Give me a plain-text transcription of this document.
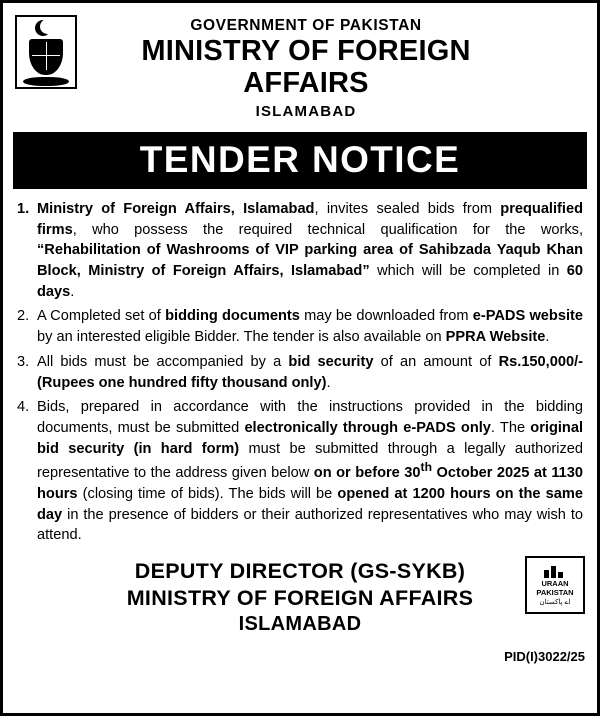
GOVERNMENT OF PAKISTAN
MINISTRY OF FOREIGN AFFAIRS
ISLAMABAD
TENDER NOTICE
1. Ministry of Foreign Affairs, Islamabad, invites sealed bids from prequalified firms, who possess the required technical qualification for the works, “Rehabilitation of Washrooms of VIP parking area of Sahibzada Yaqub Khan Block, Ministry of Foreign Affairs, Islamabad” which will be completed in 60 days.
2. A Completed set of bidding documents may be downloaded from e-PADS website by an interested eligible Bidder. The tender is also available on PPRA Website.
3. All bids must be accompanied by a bid security of an amount of Rs.150,000/- (Rupees one hundred fifty thousand only).
4. Bids, prepared in accordance with the instructions provided in the bidding documents, must be submitted electronically through e-PADS only. The original bid security (in hard form) must be submitted through a legally authorized representative to the address given below on or before 30th October 2025 at 1130 hours (closing time of bids). The bids will be opened at 1200 hours on the same day in the presence of bidders or their authorized representatives who may wish to attend.
DEPUTY DIRECTOR (GS-SYKB)
MINISTRY OF FOREIGN AFFAIRS
ISLAMABAD
URAAN
PAKISTAN
اے پاکستان
PID(I)3022/25
